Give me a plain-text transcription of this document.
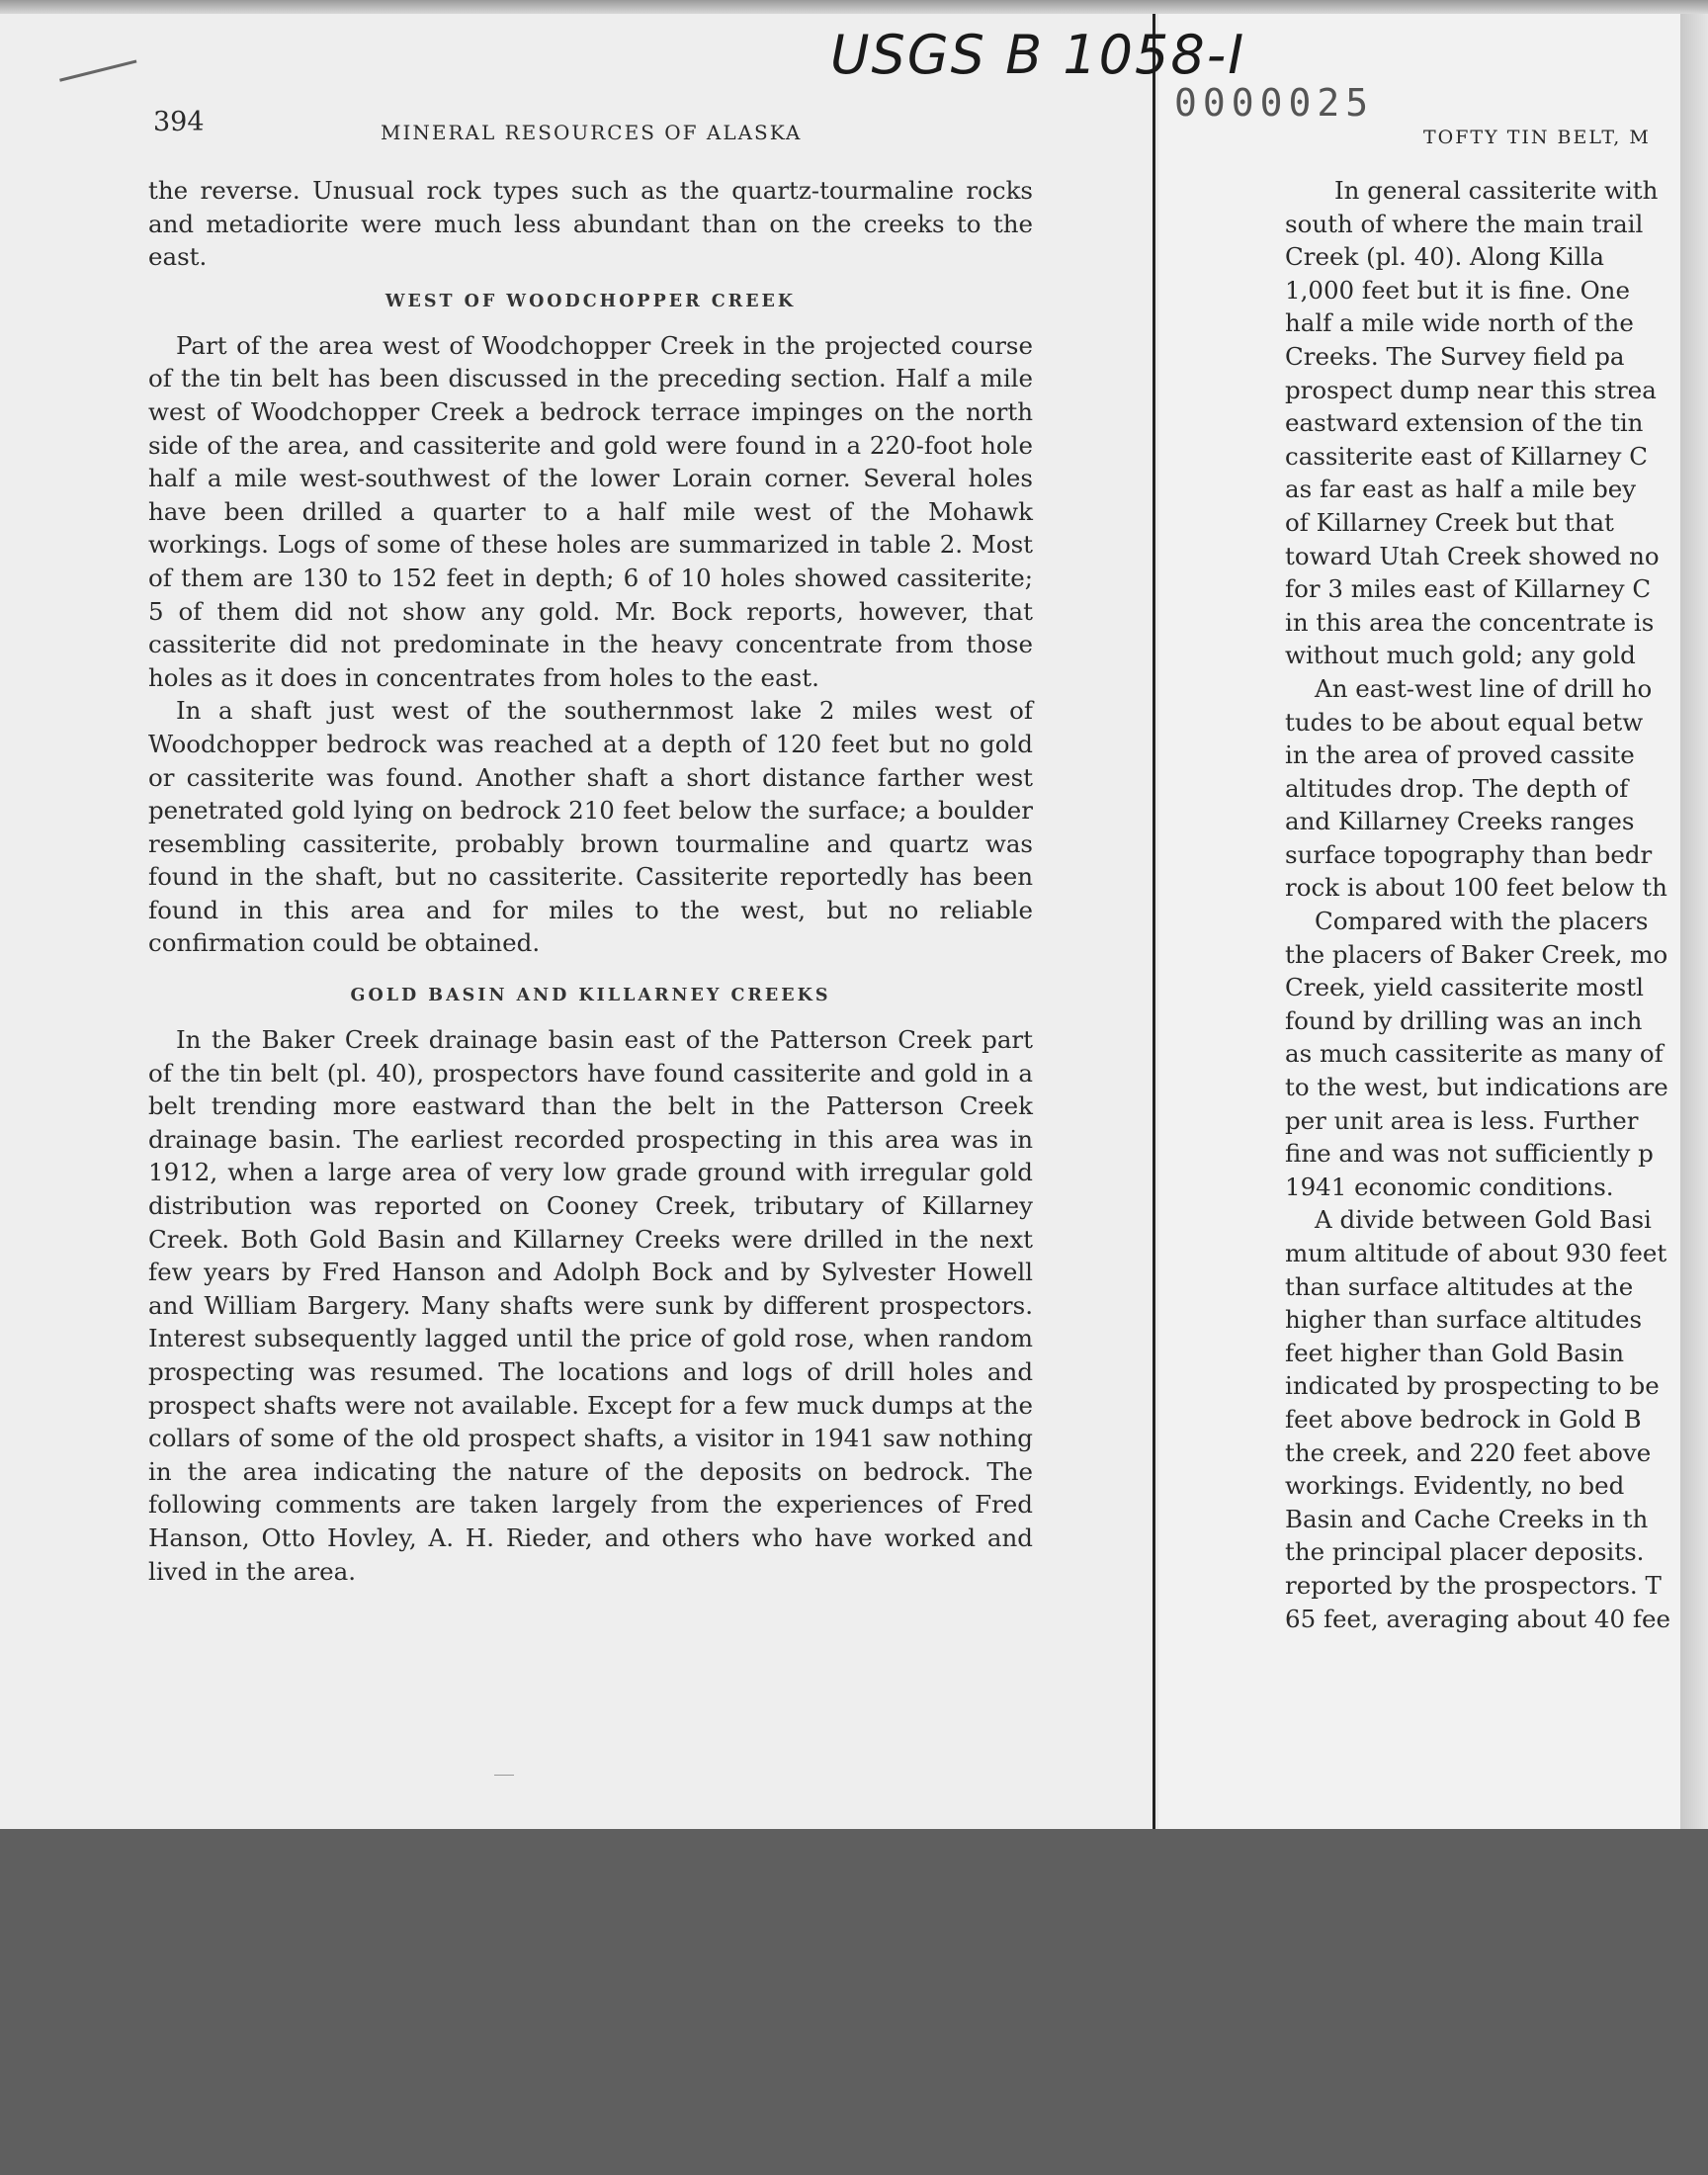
USGS B 1058-I
0000025
394	MINERAL RESOURCES OF ALASKA	TOFTY TIN BELT, M

the reverse. Unusual rock types such as the quartz-tourmaline rocks and metadiorite were much less abundant than on the creeks to the east.

WEST OF WOODCHOPPER CREEK

Part of the area west of Woodchopper Creek in the projected course of the tin belt has been discussed in the preceding section. Half a mile west of Woodchopper Creek a bedrock terrace impinges on the north side of the area, and cassiterite and gold were found in a 220-foot hole half a mile west-southwest of the lower Lorain corner. Several holes have been drilled a quarter to a half mile west of the Mohawk workings. Logs of some of these holes are summarized in table 2. Most of them are 130 to 152 feet in depth; 6 of 10 holes showed cassiterite; 5 of them did not show any gold. Mr. Bock reports, however, that cassiterite did not predominate in the heavy concentrate from those holes as it does in concentrates from holes to the east.

In a shaft just west of the southernmost lake 2 miles west of Woodchopper bedrock was reached at a depth of 120 feet but no gold or cassiterite was found. Another shaft a short distance farther west penetrated gold lying on bedrock 210 feet below the surface; a boulder resembling cassiterite, probably brown tourmaline and quartz was found in the shaft, but no cassiterite. Cassiterite reportedly has been found in this area and for miles to the west, but no reliable confirmation could be obtained.

GOLD BASIN AND KILLARNEY CREEKS

In the Baker Creek drainage basin east of the Patterson Creek part of the tin belt (pl. 40), prospectors have found cassiterite and gold in a belt trending more eastward than the belt in the Patterson Creek drainage basin. The earliest recorded prospecting in this area was in 1912, when a large area of very low grade ground with irregular gold distribution was reported on Cooney Creek, tributary of Killarney Creek. Both Gold Basin and Killarney Creeks were drilled in the next few years by Fred Hanson and Adolph Bock and by Sylvester Howell and William Bargery. Many shafts were sunk by different prospectors. Interest subsequently lagged until the price of gold rose, when random prospecting was resumed. The locations and logs of drill holes and prospect shafts were not available. Except for a few muck dumps at the collars of some of the old prospect shafts, a visitor in 1941 saw nothing in the area indicating the nature of the deposits on bedrock. The following comments are taken largely from the experiences of Fred Hanson, Otto Hovley, A. H. Rieder, and others who have worked and lived in the area.

In general cassiterite with

south of where the main trail

Creek (pl. 40). Along Killa

1,000 feet but it is fine. One

half a mile wide north of the

Creeks. The Survey field pa

prospect dump near this strea

eastward extension of the tin

cassiterite east of Killarney C

as far east as half a mile bey

of Killarney Creek but that

toward Utah Creek showed no

for 3 miles east of Killarney C

in this area the concentrate is

without much gold; any gold

An east-west line of drill ho

tudes to be about equal betw

in the area of proved cassite

altitudes drop. The depth of

and Killarney Creeks ranges

surface topography than bedr

rock is about 100 feet below th

Compared with the placers

the placers of Baker Creek, mo

Creek, yield cassiterite mostl

found by drilling was an inch

as much cassiterite as many of

to the west, but indications are

per unit area is less. Further

fine and was not sufficiently p

1941 economic conditions.

A divide between Gold Basi

mum altitude of about 930 feet

than surface altitudes at the

higher than surface altitudes

feet higher than Gold Basin

indicated by prospecting to be

feet above bedrock in Gold B

the creek, and 220 feet above

workings. Evidently, no bed

Basin and Cache Creeks in th

the principal placer deposits.

reported by the prospectors. T

65 feet, averaging about 40 fee
